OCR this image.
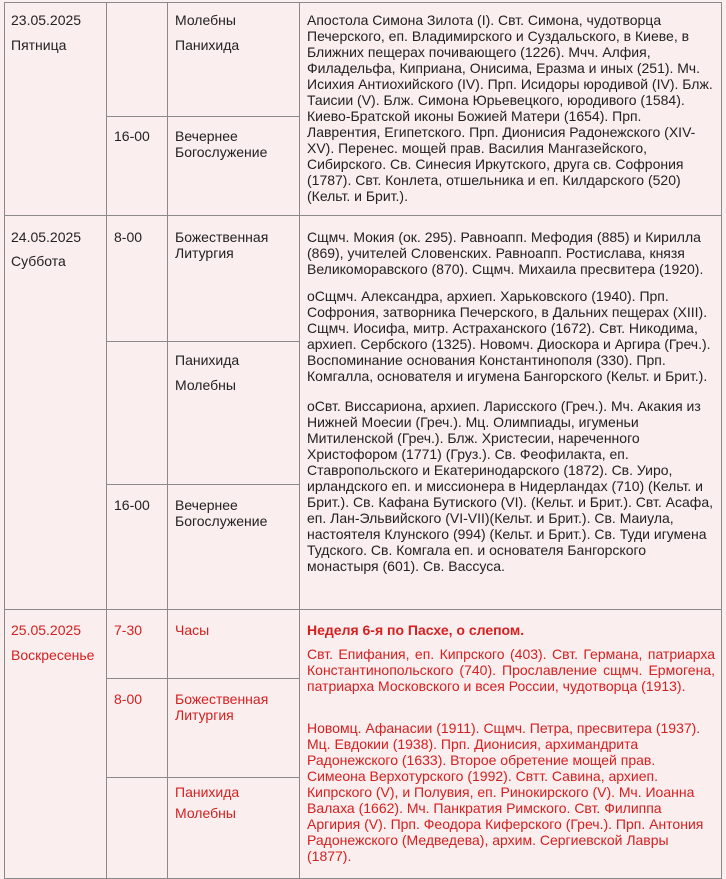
23.05.2025
Пятница
Молебны
Панихида
16-00 Вечернее Богослужение
Апостола Симона Зилота (I). Свт. Симона, чудотворца Печерского, еп. Владимирского и Суздальского, в Киеве, в Ближних пещерах почивающего (1226). Мчч. Алфия, Филадельфа, Киприана, Онисима, Еразма и иных (251). Мч. Исихия Антиохийского (IV). Прп. Исидоры юродивой (IV). Блж. Таисии (V). Блж. Симона Юрьевецкого, юродивого (1584). Киево-Братской иконы Божией Матери (1654). Прп. Лаврентия, Египетского. Прп. Дионисия Радонежского (XIV-XV). Перенес. мощей прав. Василия Мангазейского, Сибирского. Св. Синесия Иркутского, друга св. Софрония (1787). Свт. Конлета, отшельника и еп. Килдарского (520) (Кельт. и Брит.).
24.05.2025
Суббота
8-00 Божественная Литургия
Панихида
Молебны
16-00 Вечернее Богослужение
Сщмч. Мокия (ок. 295). Равноапп. Мефодия (885) и Кирилла (869), учителей Словенских. Равноапп. Ростислава, князя Великоморавского (870). Сщмч. Михаила пресвитера (1920).
оСщмч. Александра, архиеп. Харьковского (1940). Прп. Софрония, затворника Печерского, в Дальних пещерах (XIII). Сщмч. Иосифа, митр. Астраханского (1672). Свт. Никодима, архиеп. Сербского (1325). Новомч. Диоскора и Аргира (Греч.). Воспоминание основания Константинополя (330). Прп. Комгалла, основателя и игумена Бангорского (Кельт. и Брит.).
оСвт. Виссариона, архиеп. Ларисского (Греч.). Мч. Акакия из Нижней Моесии (Греч.). Мц. Олимпиады, игуменьи Митиленской (Греч.). Блж. Христесии, нареченного Христофором (1771) (Груз.). Св. Феофилакта, еп. Ставропольского и Екатеринодарского (1872). Св. Уиро, ирландского еп. и миссионера в Нидерландах (710) (Кельт. и Брит.). Св. Кафана Бутиского (VI). (Кельт. и Брит.). Свт. Асафа, еп. Лан-Эльвийского (VI-VII)(Кельт. и Брит.). Св. Маиула, настоятеля Клунского (994) (Кельт. и Брит.). Св. Туди игумена Тудского. Св. Комгала еп. и основателя Бангорского монастыря (601). Св. Вассуса.
25.05.2025
Воскресенье
7-30 Часы
8-00 Божественная Литургия
Панихида
Молебны
Неделя 6-я по Пасхе, о слепом.
Свт. Епифания, еп. Кипрского (403). Свт. Германа, патриарха Константинопольского (740). Прославление сщмч. Ермогена, патриарха Московского и всея России, чудотворца (1913).
Новомц. Афанасии (1911). Сщмч. Петра, пресвитера (1937). Мц. Евдокии (1938). Прп. Дионисия, архимандрита Радонежского (1633). Второе обретение мощей прав. Симеона Верхотурского (1992). Свтт. Савина, архиеп. Кипрского (V), и Полувия, еп. Ринокирского (V). Мч. Иоанна Валаха (1662). Мч. Панкратия Римского. Свт. Филиппа Аргирия (V). Прп. Феодора Киферского (Греч.). Прп. Антония Радонежского (Медведева), архим. Сергиевской Лавры (1877).
